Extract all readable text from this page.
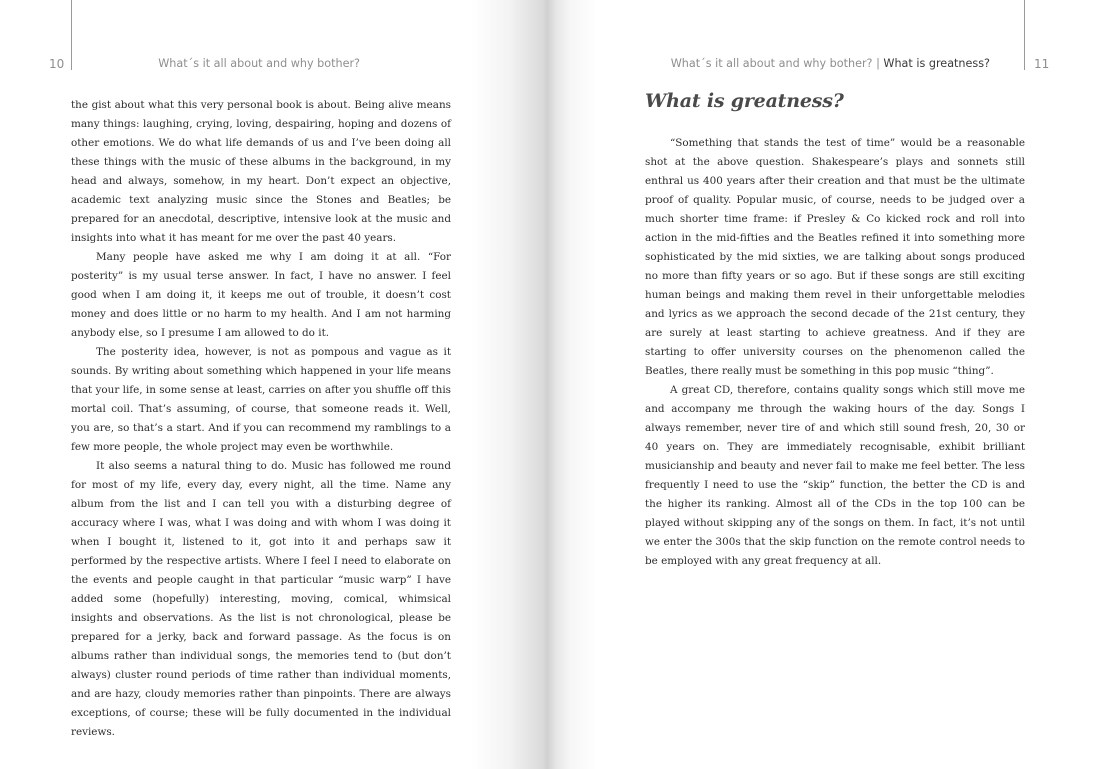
10	What´s it all about and why bother?

the gist about what this very personal book is about. Being alive means many things: laughing, crying, loving, despairing, hoping and dozens of other emotions. We do what life demands of us and I’ve been doing all these things with the music of these albums in the background, in my head and always, somehow, in my heart. Don’t expect an objective, academic text analyzing music since the Stones and Beatles; be prepared for an anecdotal, descriptive, intensive look at the music and insights into what it has meant for me over the past 40 years.

Many people have asked me why I am doing it at all. “For posterity” is my usual terse answer. In fact, I have no answer. I feel good when I am doing it, it keeps me out of trouble, it doesn’t cost money and does little or no harm to my health. And I am not harming anybody else, so I presume I am allowed to do it.

The posterity idea, however, is not as pompous and vague as it sounds. By writing about something which happened in your life means that your life, in some sense at least, carries on after you shuffle off this mortal coil. That’s assuming, of course, that someone reads it. Well, you are, so that’s a start. And if you can recommend my ramblings to a few more people, the whole project may even be worthwhile.

It also seems a natural thing to do. Music has followed me round for most of my life, every day, every night, all the time. Name any album from the list and I can tell you with a disturbing degree of accuracy where I was, what I was doing and with whom I was doing it when I bought it, listened to it, got into it and perhaps saw it performed by the respective artists. Where I feel I need to elaborate on the events and people caught in that particular “music warp” I have added some (hopefully) interesting, moving, comical, whimsical insights and observations. As the list is not chronological, please be prepared for a jerky, back and forward passage. As the focus is on albums rather than individual songs, the memories tend to (but don’t always) cluster round periods of time rather than individual moments, and are hazy, cloudy memories rather than pinpoints. There are always exceptions, of course; these will be fully documented in the individual reviews.

What´s it all about and why bother? | What is greatness?	11
What is greatness?

“Something that stands the test of time” would be a reasonable shot at the above question. Shakespeare’s plays and sonnets still enthral us 400 years after their creation and that must be the ultimate proof of quality. Popular music, of course, needs to be judged over a much shorter time frame: if Presley & Co kicked rock and roll into action in the mid-fifties and the Beatles refined it into something more sophisticated by the mid sixties, we are talking about songs produced no more than fifty years or so ago. But if these songs are still exciting human beings and making them revel in their unforgettable melodies and lyrics as we approach the second decade of the 21st century, they are surely at least starting to achieve greatness. And if they are starting to offer university courses on the phenomenon called the Beatles, there really must be something in this pop music “thing”.

A great CD, therefore, contains quality songs which still move me and accompany me through the waking hours of the day. Songs I always remember, never tire of and which still sound fresh, 20, 30 or 40 years on. They are immediately recognisable, exhibit brilliant musicianship and beauty and never fail to make me feel better. The less frequently I need to use the “skip” function, the better the CD is and the higher its ranking. Almost all of the CDs in the top 100 can be played without skipping any of the songs on them. In fact, it’s not until we enter the 300s that the skip function on the remote control needs to be employed with any great frequency at all.
